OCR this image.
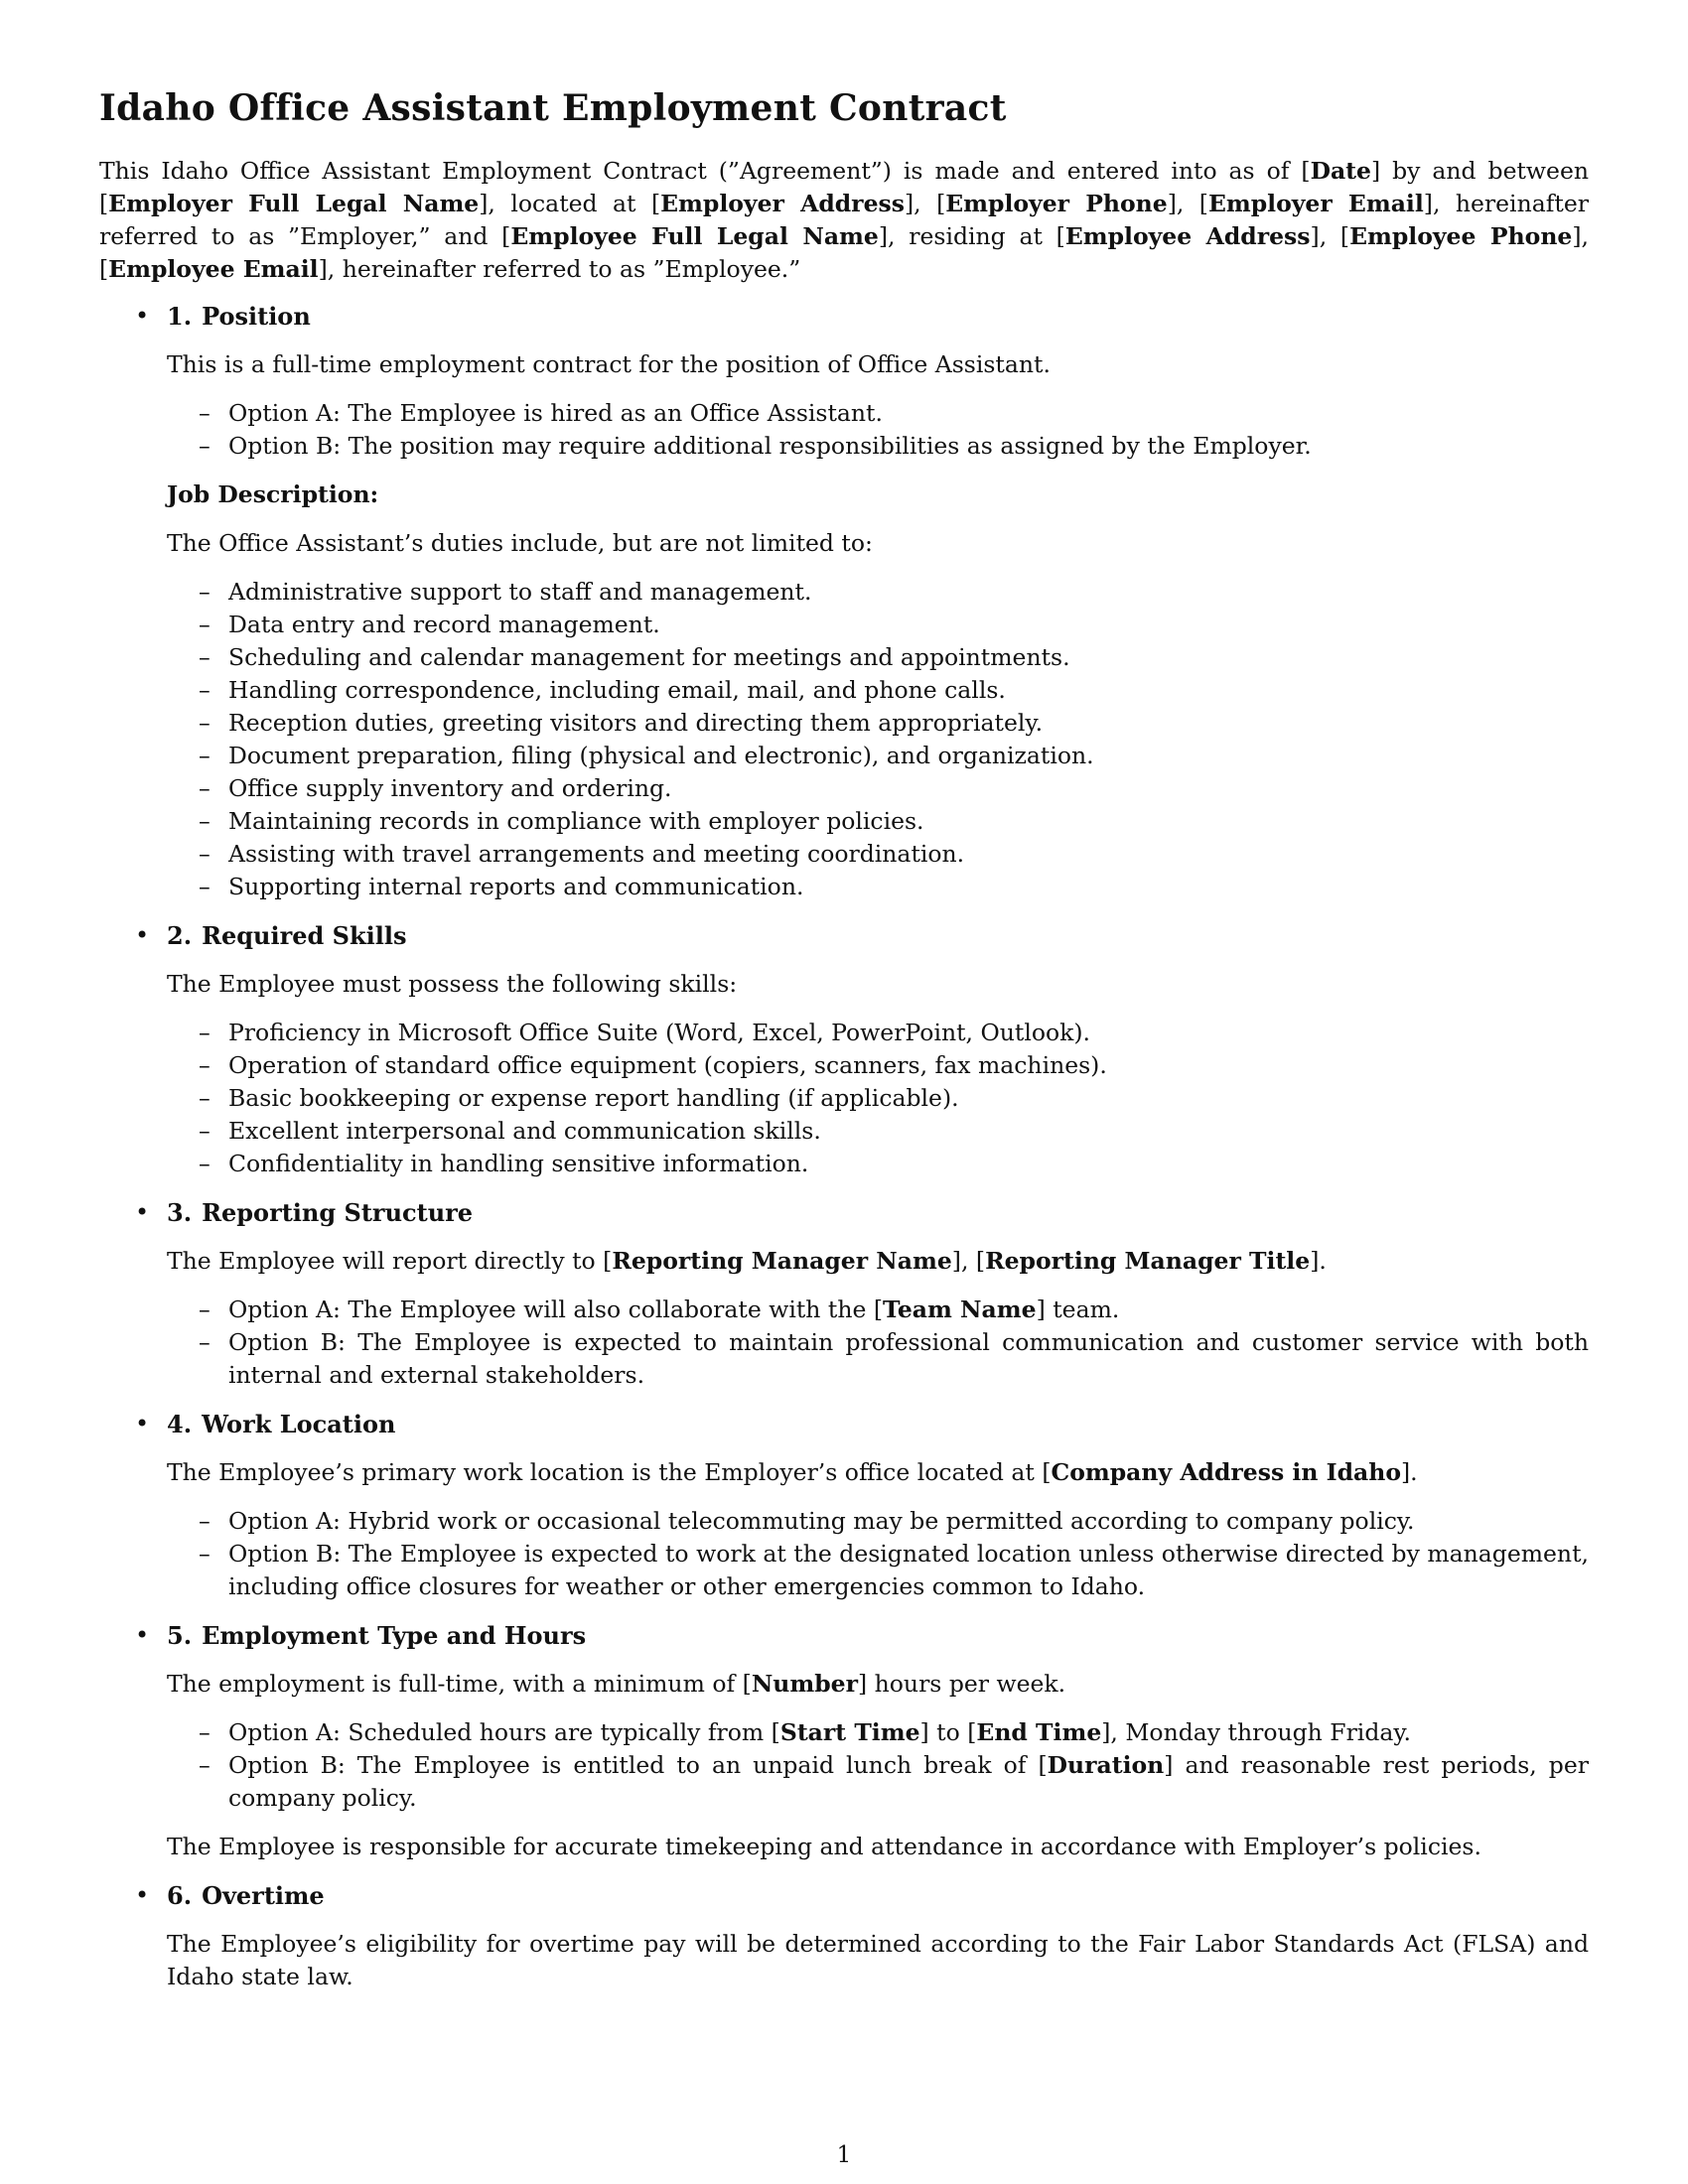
Idaho Office Assistant Employment Contract

This Idaho Office Assistant Employment Contract (”Agreement”) is made and entered into as of [Date] by and between [Employer Full Legal Name], located at [Employer Address], [Employer Phone], [Employer Email], hereinafter referred to as ”Employer,” and [Employee Full Legal Name], residing at [Employee Address], [Employee Phone], [Employee Email], hereinafter referred to as ”Employee.”

• 1. Position

This is a full-time employment contract for the position of Office Assistant.

– Option A: The Employee is hired as an Office Assistant.
– Option B: The position may require additional responsibilities as assigned by the Employer.

Job Description:

The Office Assistant’s duties include, but are not limited to:

– Administrative support to staff and management.
– Data entry and record management.
– Scheduling and calendar management for meetings and appointments.
– Handling correspondence, including email, mail, and phone calls.
– Reception duties, greeting visitors and directing them appropriately.
– Document preparation, filing (physical and electronic), and organization.
– Office supply inventory and ordering.
– Maintaining records in compliance with employer policies.
– Assisting with travel arrangements and meeting coordination.
– Supporting internal reports and communication.
• 2. Required Skills

The Employee must possess the following skills:

– Proficiency in Microsoft Office Suite (Word, Excel, PowerPoint, Outlook).
– Operation of standard office equipment (copiers, scanners, fax machines).
– Basic bookkeeping or expense report handling (if applicable).
– Excellent interpersonal and communication skills.
– Confidentiality in handling sensitive information.
• 3. Reporting Structure

The Employee will report directly to [Reporting Manager Name], [Reporting Manager Title].

– Option A: The Employee will also collaborate with the [Team Name] team.
– Option B: The Employee is expected to maintain professional communication and customer service with both internal and external stakeholders.
• 4. Work Location

The Employee’s primary work location is the Employer’s office located at [Company Address in Idaho].

– Option A: Hybrid work or occasional telecommuting may be permitted according to company policy.
– Option B: The Employee is expected to work at the designated location unless otherwise directed by management, including office closures for weather or other emergencies common to Idaho.
• 5. Employment Type and Hours

The employment is full-time, with a minimum of [Number] hours per week.

– Option A: Scheduled hours are typically from [Start Time] to [End Time], Monday through Friday.
– Option B: The Employee is entitled to an unpaid lunch break of [Duration] and reasonable rest periods, per company policy.

The Employee is responsible for accurate timekeeping and attendance in accordance with Employer’s policies.

• 6. Overtime

The Employee’s eligibility for overtime pay will be determined according to the Fair Labor Standards Act (FLSA) and Idaho state law.

1
